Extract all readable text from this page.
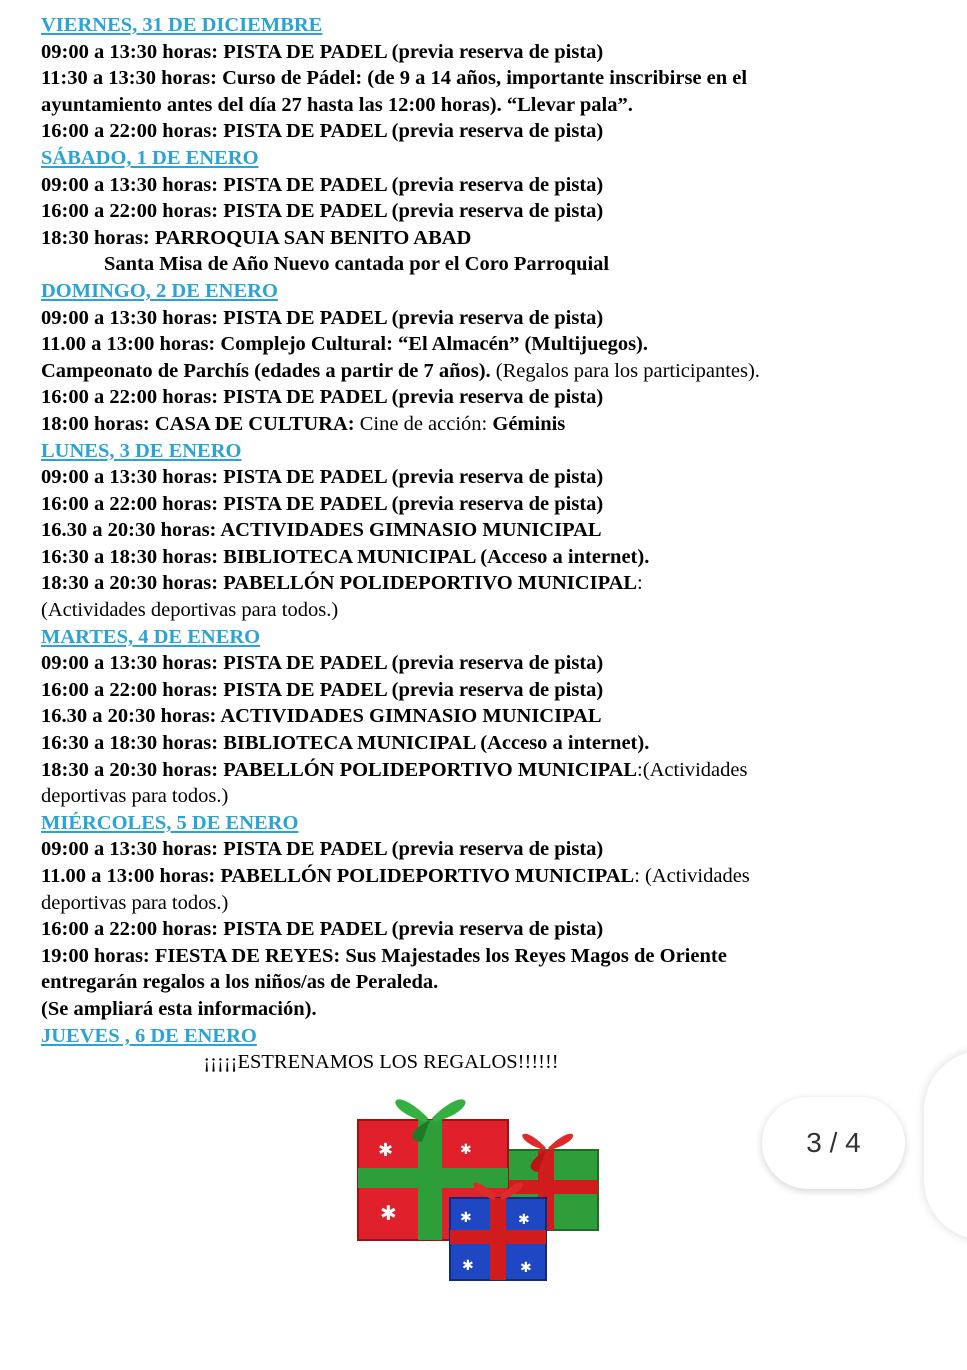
VIERNES, 31 DE DICIEMBRE
09:00 a 13:30 horas: PISTA DE PADEL (previa reserva de pista)
11:30 a 13:30 horas: Curso de Pádel: (de 9 a 14 años, importante inscribirse en el
ayuntamiento antes del día 27 hasta las 12:00 horas). “Llevar pala”.
16:00 a 22:00 horas: PISTA DE PADEL (previa reserva de pista)
SÁBADO, 1 DE ENERO
09:00 a 13:30 horas: PISTA DE PADEL (previa reserva de pista)
16:00 a 22:00 horas: PISTA DE PADEL (previa reserva de pista)
18:30 horas: PARROQUIA SAN BENITO ABAD
Santa Misa de Año Nuevo cantada por el Coro Parroquial
DOMINGO, 2 DE ENERO
09:00 a 13:30 horas: PISTA DE PADEL (previa reserva de pista)
11.00 a 13:00 horas: Complejo Cultural: “El Almacén” (Multijuegos).
Campeonato de Parchís (edades a partir de 7 años). (Regalos para los participantes).
16:00 a 22:00 horas: PISTA DE PADEL (previa reserva de pista)
18:00 horas: CASA DE CULTURA: Cine de acción: Géminis
LUNES, 3 DE ENERO
09:00 a 13:30 horas: PISTA DE PADEL (previa reserva de pista)
16:00 a 22:00 horas: PISTA DE PADEL (previa reserva de pista)
16.30 a 20:30 horas: ACTIVIDADES GIMNASIO MUNICIPAL
16:30 a 18:30 horas: BIBLIOTECA MUNICIPAL (Acceso a internet).
18:30 a 20:30 horas: PABELLÓN POLIDEPORTIVO MUNICIPAL:
(Actividades deportivas para todos.)
MARTES, 4 DE ENERO
09:00 a 13:30 horas: PISTA DE PADEL (previa reserva de pista)
16:00 a 22:00 horas: PISTA DE PADEL (previa reserva de pista)
16.30 a 20:30 horas: ACTIVIDADES GIMNASIO MUNICIPAL
16:30 a 18:30 horas: BIBLIOTECA MUNICIPAL (Acceso a internet).
18:30 a 20:30 horas: PABELLÓN POLIDEPORTIVO MUNICIPAL:(Actividades
deportivas para todos.)
MIÉRCOLES, 5 DE ENERO
09:00 a 13:30 horas: PISTA DE PADEL (previa reserva de pista)
11.00 a 13:00 horas: PABELLÓN POLIDEPORTIVO MUNICIPAL: (Actividades
deportivas para todos.)
16:00 a 22:00 horas: PISTA DE PADEL (previa reserva de pista)
19:00 horas: FIESTA DE REYES: Sus Majestades los Reyes Magos de Oriente
entregarán regalos a los niños/as de Peraleda.
(Se ampliará esta información).
JUEVES , 6 DE ENERO
¡¡¡¡¡ESTRENAMOS LOS REGALOS!!!!!!
✱	✱
✱	✱	✱
✱	✱
3 / 4
